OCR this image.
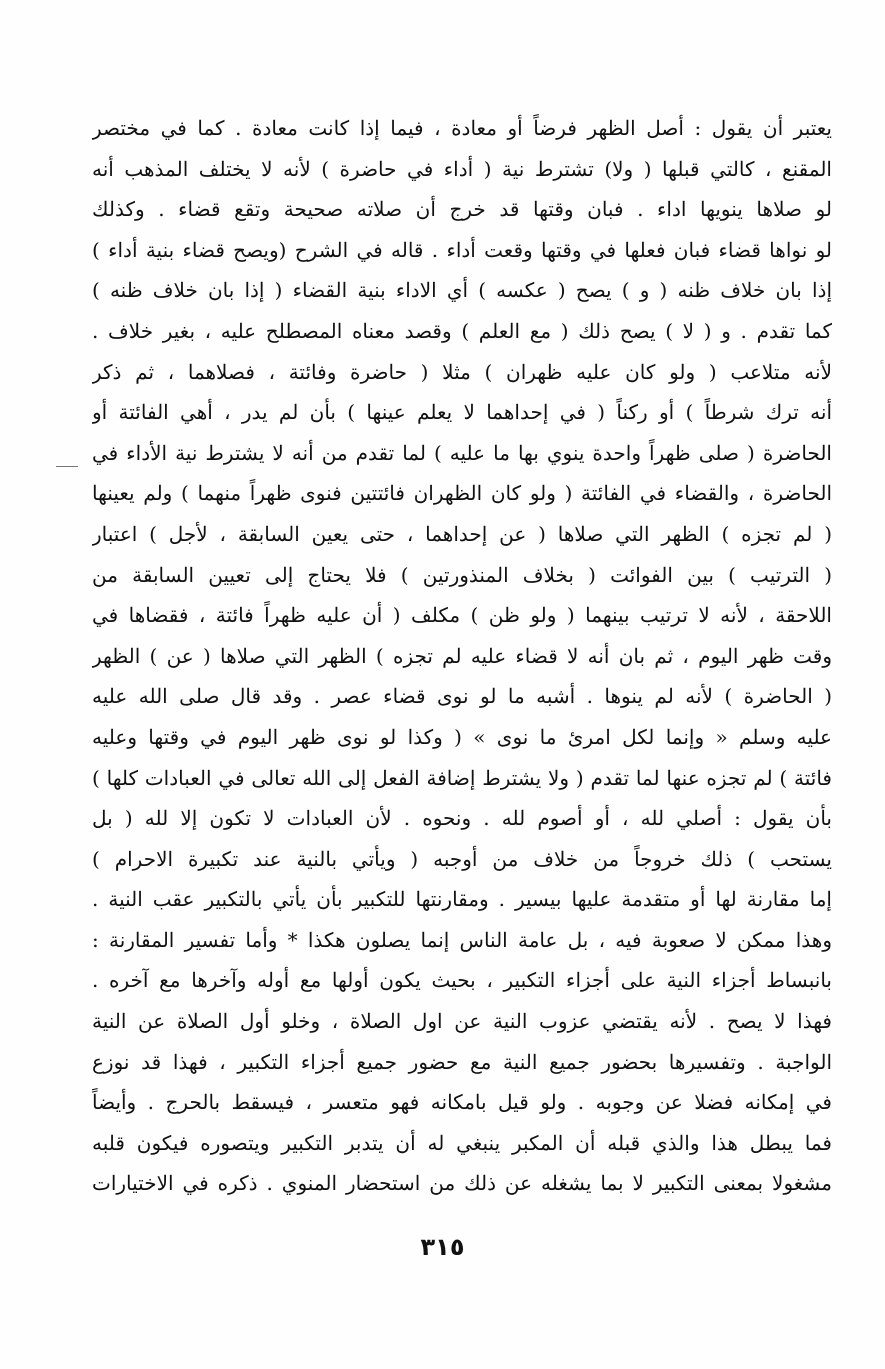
يعتبر أن يقول : أصل الظهر فرضاً أو معادة ، فيما إذا كانت معادة . كما في مختصر
المقنع ، كالتي قبلها ( ولا) تشترط نية ( أداء في حاضرة ) لأنه لا يختلف المذهب أنه
لو صلاها ينويها اداء . فبان وقتها قد خرج أن صلاته صحيحة وتقع قضاء . وكذلك
لو نواها قضاء فبان فعلها في وقتها وقعت أداء . قاله في الشرح (ويصح قضاء بنية أداء )
إذا بان خلاف ظنه ( و ) يصح ( عكسه ) أي الاداء بنية القضاء ( إذا بان خلاف ظنه )
كما تقدم . و ( لا ) يصح ذلك ( مع العلم ) وقصد معناه المصطلح عليه ، بغير خلاف .
لأنه متلاعب ( ولو كان عليه ظهران ) مثلا ( حاضرة وفائتة ، فصلاهما ، ثم ذكر
أنه ترك شرطاً ) أو ركناً ( في إحداهما لا يعلم عينها ) بأن لم يدر ، أهي الفائتة أو
الحاضرة ( صلى ظهراً واحدة ينوي بها ما عليه ) لما تقدم من أنه لا يشترط نية الأداء في
الحاضرة ، والقضاء في الفائتة ( ولو كان الظهران فائتتين فنوى ظهراً منهما ) ولم يعينها
( لم تجزه ) الظهر التي صلاها ( عن إحداهما ، حتى يعين السابقة ، لأجل ) اعتبار
( الترتيب ) بين الفوائت ( بخلاف المنذورتين ) فلا يحتاج إلى تعيين السابقة من
اللاحقة ، لأنه لا ترتيب بينهما ( ولو ظن ) مكلف ( أن عليه ظهراً فائتة ، فقضاها في
وقت ظهر اليوم ، ثم بان أنه لا قضاء عليه لم تجزه ) الظهر التي صلاها ( عن ) الظهر
( الحاضرة ) لأنه لم ينوها . أشبه ما لو نوى قضاء عصر . وقد قال صلى الله عليه
عليه وسلم « وإنما لكل امرئ ما نوى » ( وكذا لو نوى ظهر اليوم في وقتها وعليه
فائتة ) لم تجزه عنها لما تقدم ( ولا يشترط إضافة الفعل إلى الله تعالى في العبادات كلها )
بأن يقول : أصلي لله ، أو أصوم لله . ونحوه . لأن العبادات لا تكون إلا لله ( بل
يستحب ) ذلك خروجاً من خلاف من أوجبه ( ويأتي بالنية عند تكبيرة الاحرام )
إما مقارنة لها أو متقدمة عليها بيسير . ومقارنتها للتكبير بأن يأتي بالتكبير عقب النية .
وهذا ممكن لا صعوبة فيه ، بل عامة الناس إنما يصلون هكذا * وأما تفسير المقارنة :
بانبساط أجزاء النية على أجزاء التكبير ، بحيث يكون أولها مع أوله وآخرها مع آخره .
فهذا لا يصح . لأنه يقتضي عزوب النية عن اول الصلاة ، وخلو أول الصلاة عن النية
الواجبة . وتفسيرها بحضور جميع النية مع حضور جميع أجزاء التكبير ، فهذا قد نوزع
في إمكانه فضلا عن وجوبه . ولو قيل بامكانه فهو متعسر ، فيسقط بالحرج . وأيضاً
فما يبطل هذا والذي قبله أن المكبر ينبغي له أن يتدبر التكبير ويتصوره فيكون قلبه
مشغولا بمعنى التكبير لا بما يشغله عن ذلك من استحضار المنوي . ذكره في الاختيارات
٣١٥
